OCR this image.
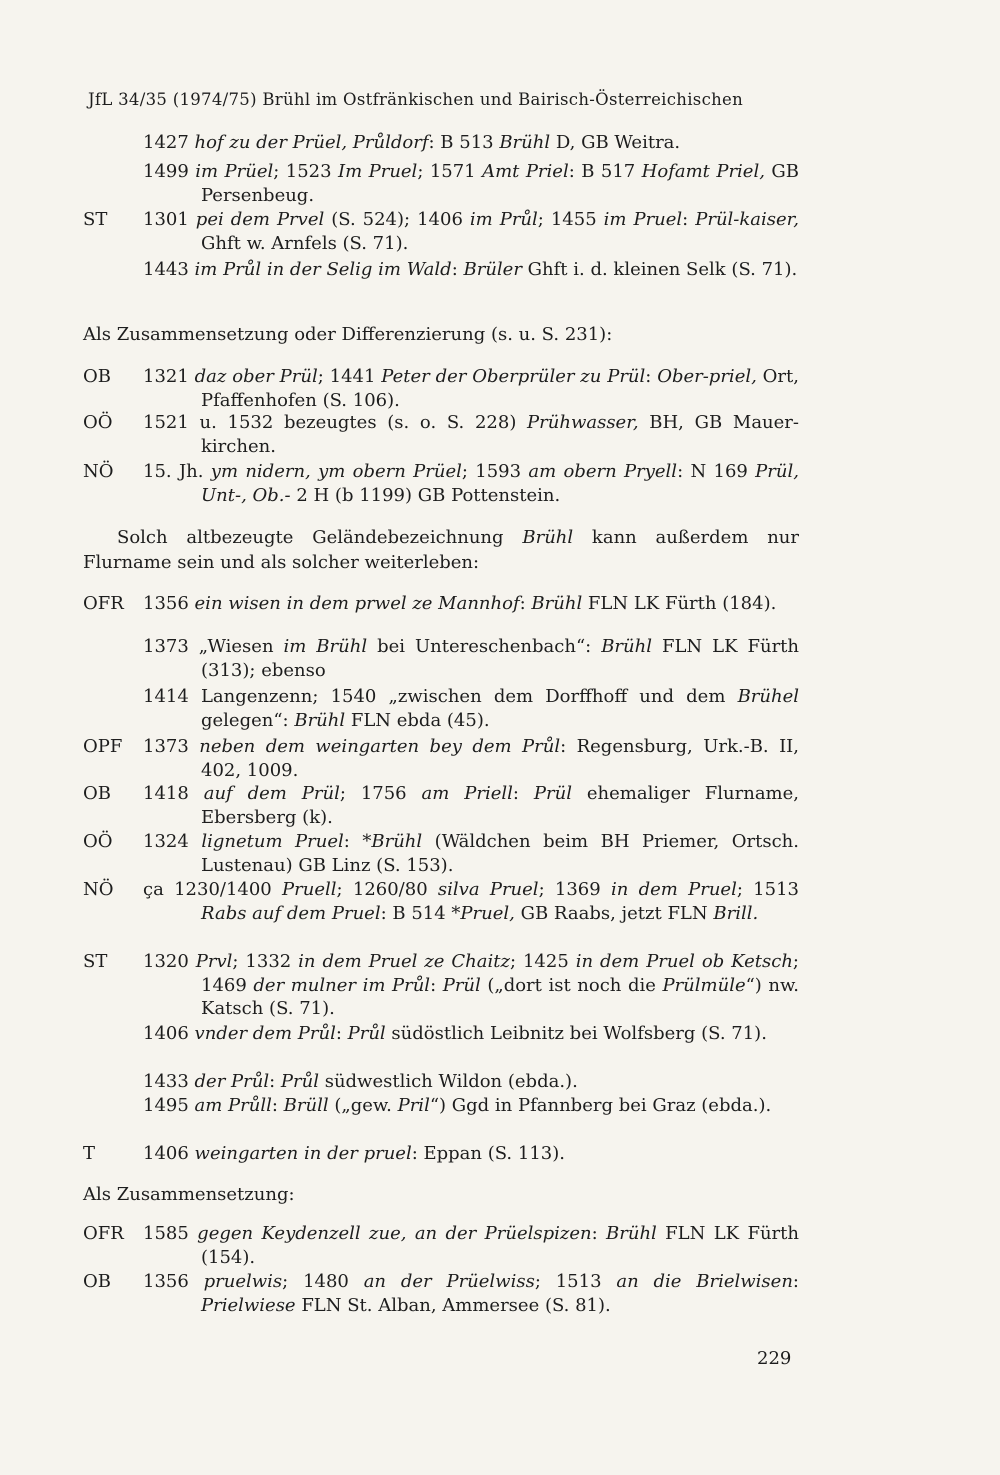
JfL 34/35 (1974/75) Brühl im Ostfränkischen und Bairisch-Österreichischen
1427 hof zu der Prüel, Průldorf: B 513 Brühl D, GB Weitra.
1499 im Prüel; 1523 Im Pruel; 1571 Amt Priel: B 517 Hofamt Priel, GB Persenbeug.
ST 1301 pei dem Prvel (S. 524); 1406 im Průl; 1455 im Pruel: Prül-kaiser, Ghft w. Arnfels (S. 71).
1443 im Průl in der Selig im Wald: Brüler Ghft i. d. kleinen Selk (S. 71).

Als Zusammensetzung oder Differenzierung (s. u. S. 231):

OB 1321 daz ober Prül; 1441 Peter der Oberprüler zu Prül: Ober-priel, Ort, Pfaffenhofen (S. 106).
OÖ 1521 u. 1532 bezeugtes (s. o. S. 228) Prühwasser, BH, GB Mauer-kirchen.
NÖ 15. Jh. ym nidern, ym obern Prüel; 1593 am obern Pryell: N 169 Prül, Unt-, Ob.- 2 H (b 1199) GB Pottenstein.

Solch altbezeugte Geländebezeichnung Brühl kann außerdem nur Flurname sein und als solcher weiterleben:

OFR 1356 ein wisen in dem prwel ze Mannhof: Brühl FLN LK Fürth (184).
1373 „Wiesen im Brühl bei Untereschenbach“: Brühl FLN LK Fürth (313); ebenso
1414 Langenzenn; 1540 „zwischen dem Dorffhoff und dem Brühel gelegen“: Brühl FLN ebda (45).
OPF 1373 neben dem weingarten bey dem Průl: Regensburg, Urk.-B. II, 402, 1009.
OB 1418 auf dem Prül; 1756 am Priell: Prül ehemaliger Flurname, Ebersberg (k).
OÖ 1324 lignetum Pruel: *Brühl (Wäldchen beim BH Priemer, Ortsch. Lustenau) GB Linz (S. 153).
NÖ ça 1230/1400 Pruell; 1260/80 silva Pruel; 1369 in dem Pruel; 1513 Rabs auf dem Pruel: B 514 *Pruel, GB Raabs, jetzt FLN Brill.
ST 1320 Prvl; 1332 in dem Pruel ze Chaitz; 1425 in dem Pruel ob Ketsch; 1469 der mulner im Průl: Prül („dort ist noch die Prülmüle“) nw. Katsch (S. 71).
1406 vnder dem Průl: Průl südöstlich Leibnitz bei Wolfsberg (S. 71).
1433 der Průl: Průl südwestlich Wildon (ebda.).
1495 am Průll: Brüll („gew. Pril“) Ggd in Pfannberg bei Graz (ebda.).
T	1406 weingarten in der pruel: Eppan (S. 113).

Als Zusammensetzung:

OFR 1585 gegen Keydenzell zue, an der Prüelspizen: Brühl FLN LK Fürth (154).
OB 1356 pruelwis; 1480 an der Prüelwiss; 1513 an die Brielwisen: Prielwiese FLN St. Alban, Ammersee (S. 81).
229
